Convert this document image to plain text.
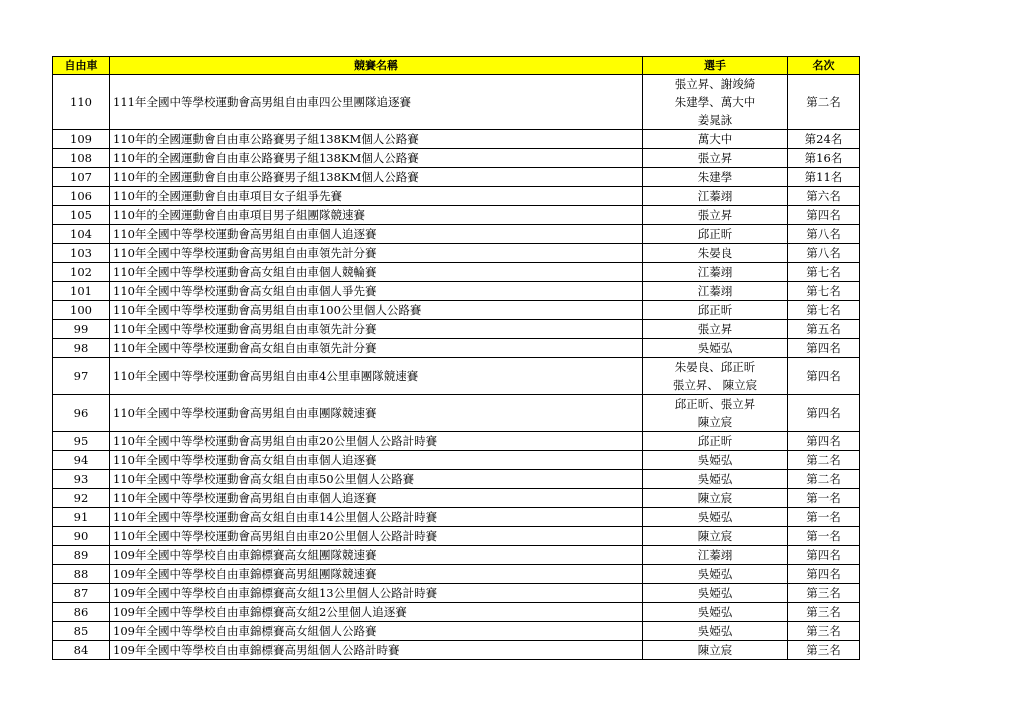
自由車	競賽名稱	選手	名次
110	111年全國中等學校運動會高男組自由車四公里團隊追逐賽	張立昇、謝竣綺
朱建學、萬大中
姜晁詠	第二名
109	110年的全國運動會自由車公路賽男子組138KM個人公路賽	萬大中	第24名
108	110年的全國運動會自由車公路賽男子組138KM個人公路賽	張立昇	第16名
107	110年的全國運動會自由車公路賽男子組138KM個人公路賽	朱建學	第11名
106	110年的全國運動會自由車項目女子組爭先賽	江蓁翊	第六名
105	110年的全國運動會自由車項目男子組團隊競速賽	張立昇	第四名
104	110年全國中等學校運動會高男組自由車個人追逐賽	邱正昕	第八名
103	110年全國中等學校運動會高男組自由車領先計分賽	朱晏良	第八名
102	110年全國中等學校運動會高女組自由車個人競輪賽	江蓁翊	第七名
101	110年全國中等學校運動會高女組自由車個人爭先賽	江蓁翊	第七名
100	110年全國中等學校運動會高男組自由車100公里個人公路賽	邱正昕	第七名
99	110年全國中等學校運動會高男組自由車領先計分賽	張立昇	第五名
98	110年全國中等學校運動會高女組自由車領先計分賽	吳婭弘	第四名
97	110年全國中等學校運動會高男組自由車4公里車團隊競速賽	朱晏良、邱正昕
張立昇、 陳立宸	第四名
96	110年全國中等學校運動會高男組自由車團隊競速賽	邱正昕、張立昇
陳立宸	第四名
95	110年全國中等學校運動會高男組自由車20公里個人公路計時賽	邱正昕	第四名
94	110年全國中等學校運動會高女組自由車個人追逐賽	吳婭弘	第二名
93	110年全國中等學校運動會高女組自由車50公里個人公路賽	吳婭弘	第二名
92	110年全國中等學校運動會高男組自由車個人追逐賽	陳立宸	第一名
91	110年全國中等學校運動會高女組自由車14公里個人公路計時賽	吳婭弘	第一名
90	110年全國中等學校運動會高男組自由車20公里個人公路計時賽	陳立宸	第一名
89	109年全國中等學校自由車錦標賽高女組團隊競速賽	江蓁翊	第四名
88	109年全國中等學校自由車錦標賽高男組團隊競速賽	吳婭弘	第四名
87	109年全國中等學校自由車錦標賽高女組13公里個人公路計時賽	吳婭弘	第三名
86	109年全國中等學校自由車錦標賽高女組2公里個人追逐賽	吳婭弘	第三名
85	109年全國中等學校自由車錦標賽高女組個人公路賽	吳婭弘	第三名
84	109年全國中等學校自由車錦標賽高男組個人公路計時賽	陳立宸	第三名
